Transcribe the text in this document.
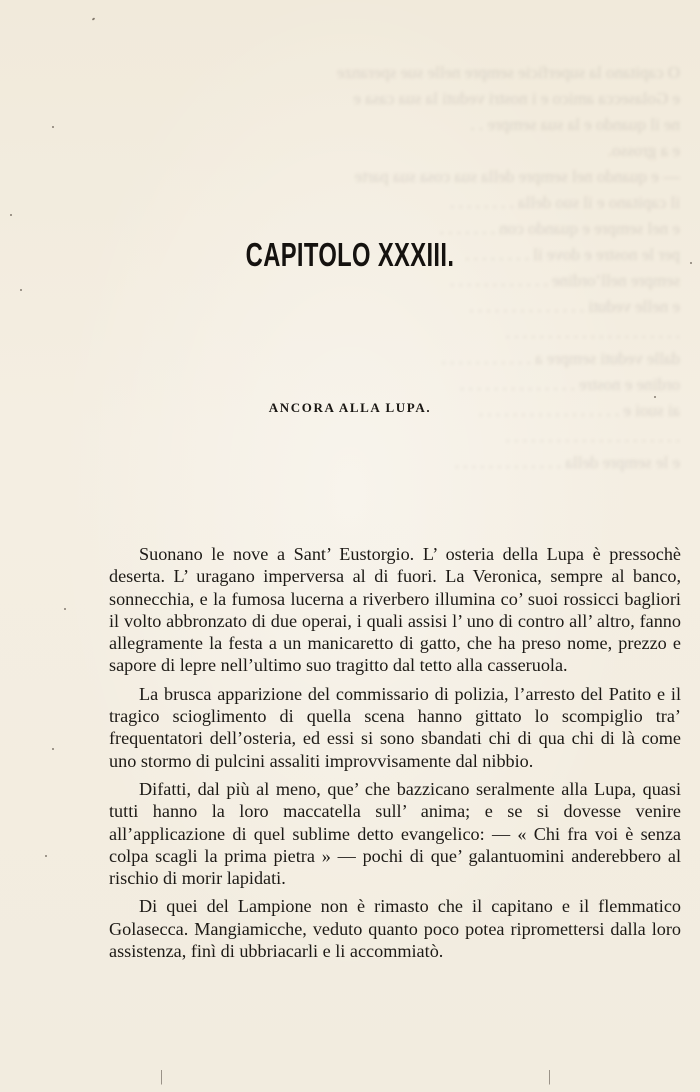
O capitano la superficie sempre nelle sue speranze
e Golasecca amico e i nostri veduti la sua casa e
ne il quando e la sua sempre . .
e a grosso.
— e quando nel sempre della sua cosa sua parte
il capitano e il suo della . . . . . . . .
e nel sempre e quando con . . . . . . .
per le nostre e dove il . . . . . . . .
sempre nell’ordine . . . . . . . . . . . .
e nelle veduti . . . . . . . . . . . . . .
. . . . . . . . . . . . . . . . . . . . .
dalle veduti sempre a . . . . . . . . . . .
ordine e nostre . . . . . . . . . . . . . .
ai suoi e . . . . . . . . . . . . . . . . .
. . . . . . . . . . . . . . . . . . . . .
e le sempre della . . . . . . . . . . . . .
CAPITOLO XXXIII.
ANCORA ALLA LUPA.

Suonano le nove a Sant’ Eustorgio. L’ osteria della Lupa è pressochè deserta. L’ uragano imperversa al di fuori. La Veronica, sempre al banco, sonnecchia, e la fumosa lucerna a riverbero illumina co’ suoi rossicci bagliori il volto abbronzato di due operai, i quali assisi l’ uno di contro all’ altro, fanno allegramente la festa a un manicaretto di gatto, che ha preso nome, prezzo e sapore di lepre nell’ultimo suo tragitto dal tetto alla casseruola.

La brusca apparizione del commissario di polizia, l’arresto del Patito e il tragico scioglimento di quella scena hanno gittato lo scompiglio tra’ frequentatori dell’osteria, ed essi si sono sbandati chi di qua chi di là come uno stormo di pulcini assaliti improvvisamente dal nibbio.

Difatti, dal più al meno, que’ che bazzicano seralmente alla Lupa, quasi tutti hanno la loro maccatella sull’ anima; e se si dovesse venire all’applicazione di quel sublime detto evangelico: — « Chi fra voi è senza colpa scagli la prima pietra » — pochi di que’ galantuomini anderebbero al rischio di morir lapidati.

Di quei del Lampione non è rimasto che il capitano e il flemmatico Golasecca. Mangiamicche, veduto quanto poco potea ripromettersi dalla loro assistenza, finì di ubbriacarli e li accommiatò.

|	|
